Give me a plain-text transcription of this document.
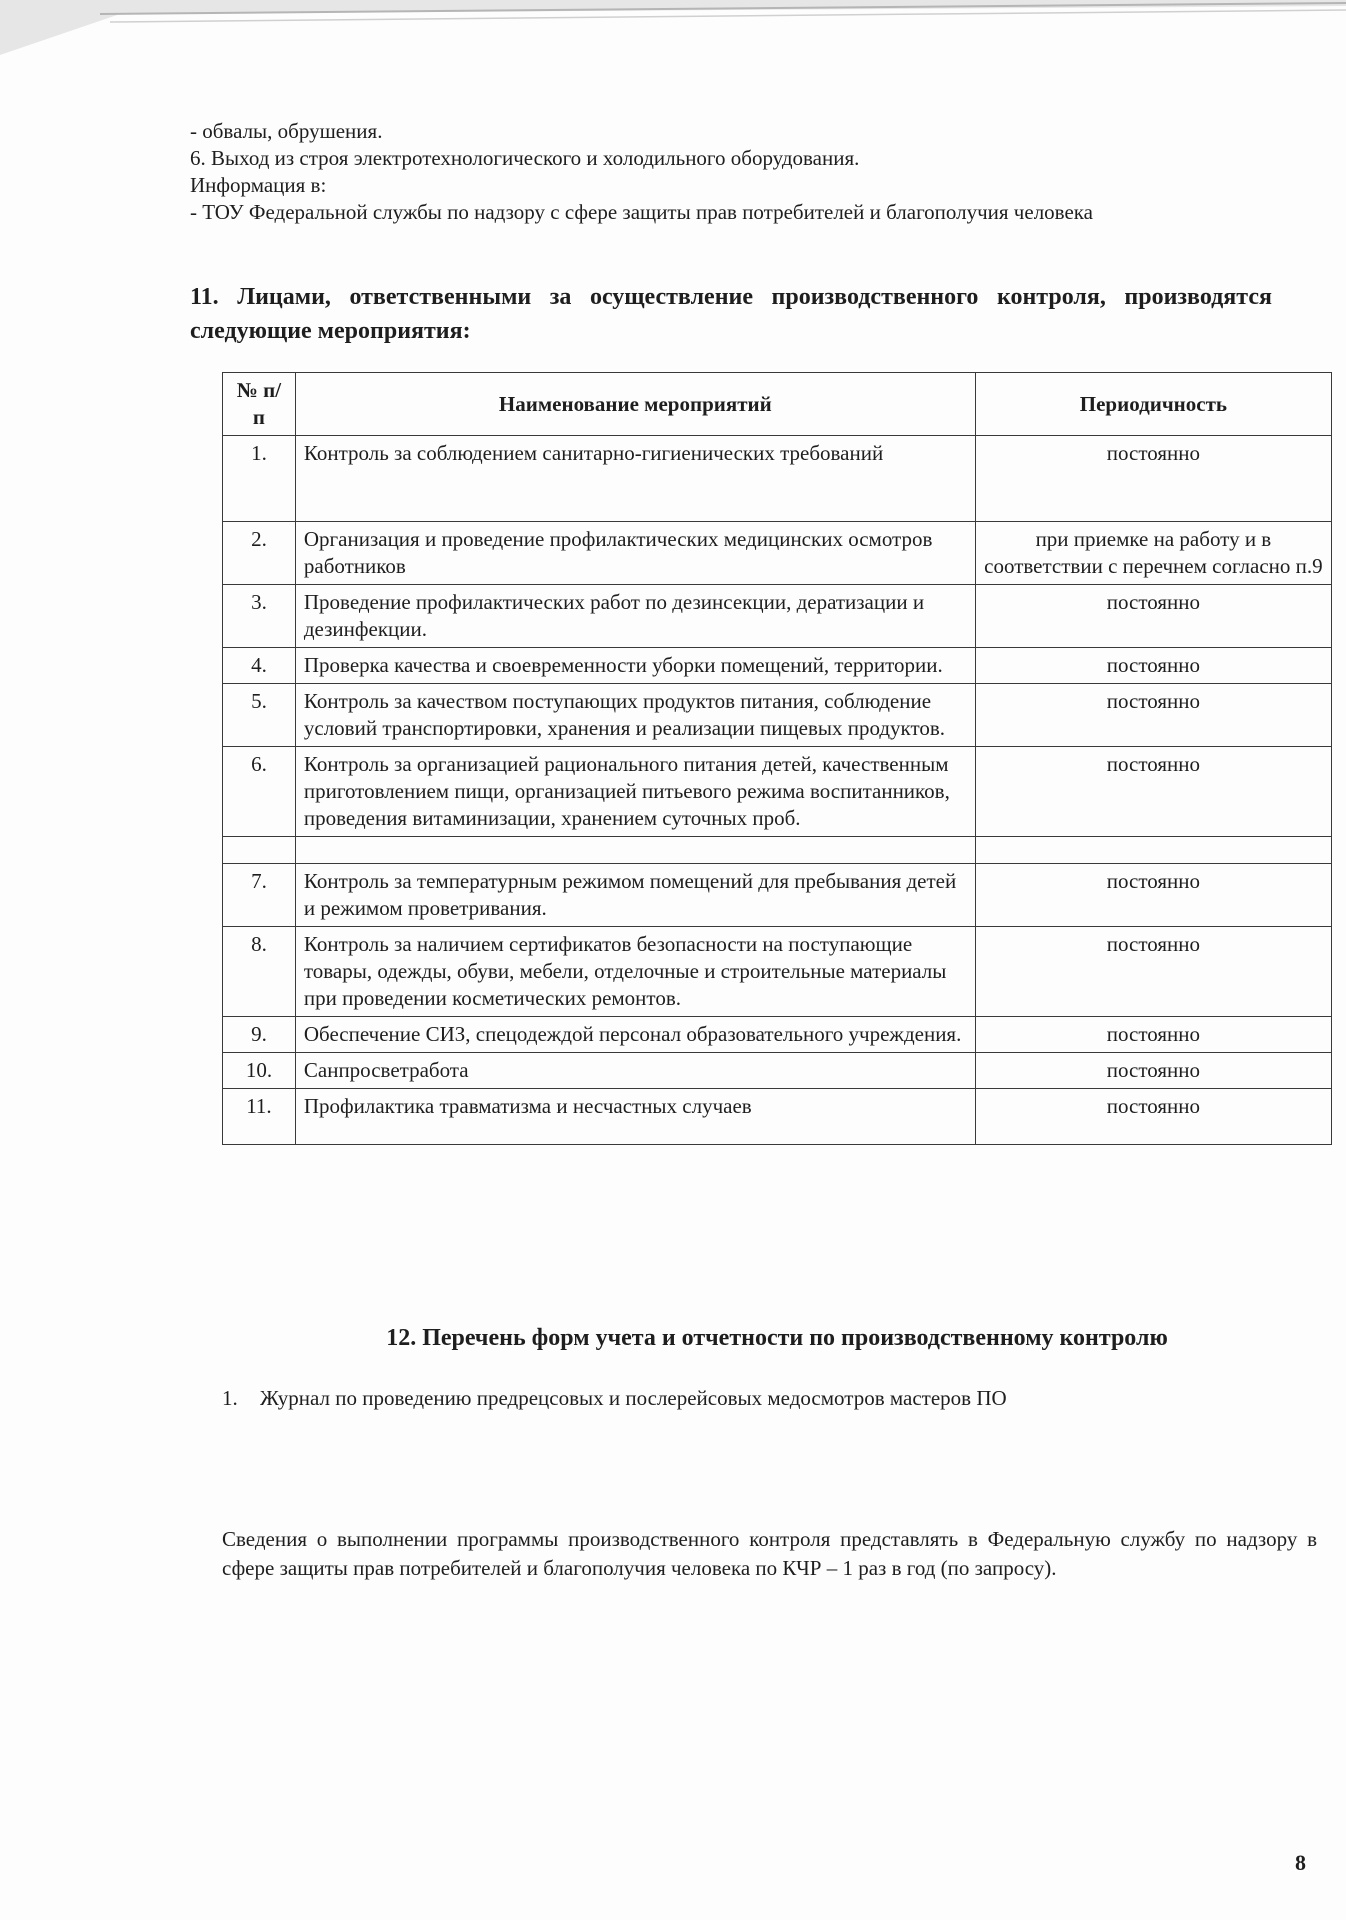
- обвалы, обрушения.

6. Выход из строя электротехнологического и холодильного оборудования.

Информация в:

- ТОУ Федеральной службы по надзору с сфере защиты прав потребителей и благополучия человека

11. Лицами, ответственными за осуществление производственного контроля, производятся следующие мероприятия:

№ п/п	Наименование мероприятий	Периодичность
1.	Контроль за соблюдением санитарно-гигиенических требований	постоянно
2.	Организация и проведение профилактических медицинских осмотров работников	при приемке на работу и в соответствии с перечнем согласно п.9
3.	Проведение профилактических работ по дезинсекции, дератизации и дезинфекции.	постоянно
4.	Проверка качества и своевременности уборки помещений, территории.	постоянно
5.	Контроль за качеством поступающих продуктов питания, соблюдение условий транспортировки, хранения и реализации пищевых продуктов.	постоянно
6.	Контроль за организацией рационального питания детей, качественным приготовлением пищи, организацией питьевого режима воспитанников, проведения витаминизации, хранением суточных проб.	постоянно

7.	Контроль за температурным режимом помещений для пребывания детей и режимом проветривания.	постоянно
8.	Контроль за наличием сертификатов безопасности на поступающие товары, одежды, обуви, мебели, отделочные и строительные материалы при проведении косметических ремонтов.	постоянно
9.	Обеспечение СИЗ, спецодеждой персонал образовательного учреждения.	постоянно
10.	Санпросветработа	постоянно
11.	Профилактика травматизма и несчастных случаев	постоянно

12. Перечень форм учета и отчетности по производственному контролю

1. Журнал по проведению предрецсовых и послерейсовых медосмотров мастеров ПО

Сведения о выполнении программы производственного контроля представлять в Федеральную службу по надзору в сфере защиты прав потребителей и благополучия человека по КЧР – 1 раз в год (по запросу).

8
